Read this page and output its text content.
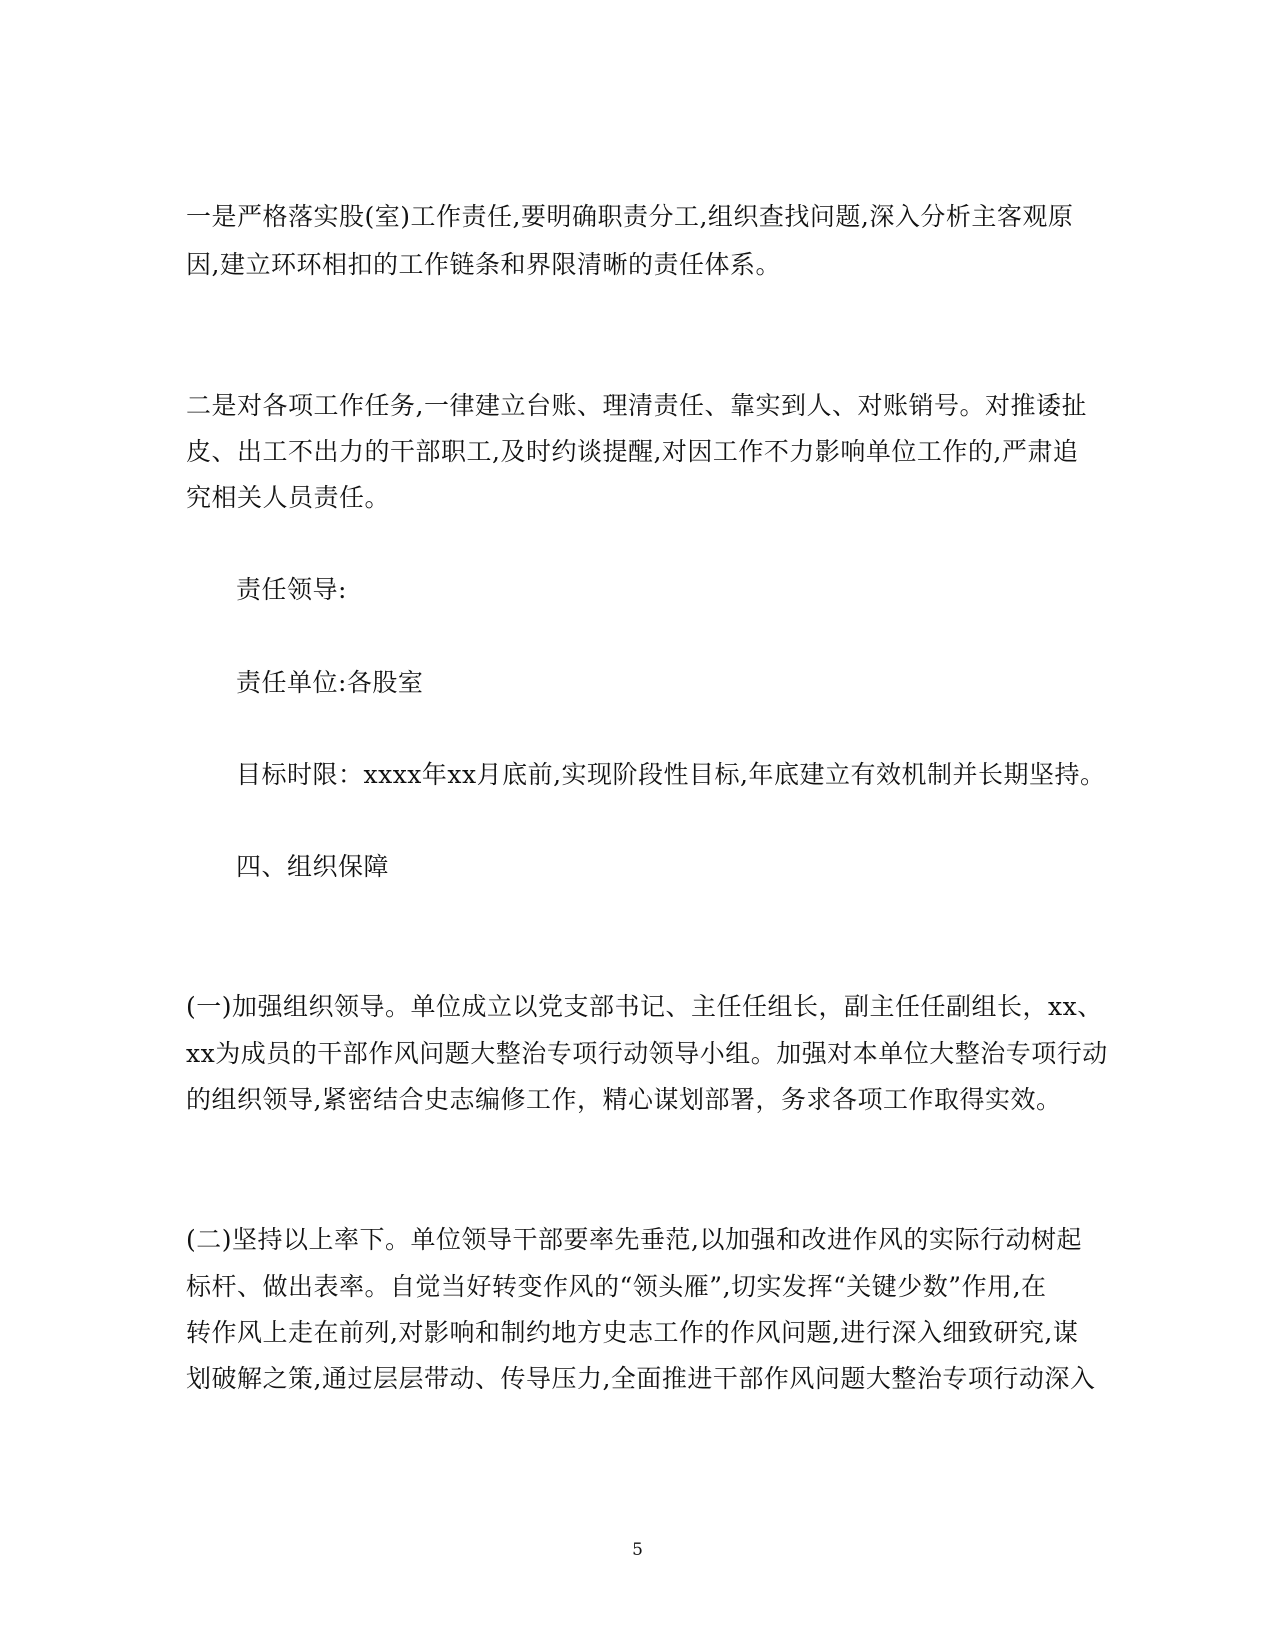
一是严格落实股(室)工作责任,要明确职责分工,组织查找问题,深入分析主客观原
因,建立环环相扣的工作链条和界限清晰的责任体系。
二是对各项工作任务,一律建立台账、理清责任、靠实到人、对账销号。对推诿扯
皮、出工不出力的干部职工,及时约谈提醒,对因工作不力影响单位工作的,严肃追
究相关人员责任。
责任领导:
责任单位:各股室
目标时限：xxxx年xx月底前,实现阶段性目标,年底建立有效机制并长期坚持。
四、组织保障
(一)加强组织领导。单位成立以党支部书记、主任任组长，副主任任副组长，xx、
xx为成员的干部作风问题大整治专项行动领导小组。加强对本单位大整治专项行动
的组织领导,紧密结合史志编修工作，精心谋划部署，务求各项工作取得实效。
(二)坚持以上率下。单位领导干部要率先垂范,以加强和改进作风的实际行动树起
标杆、做出表率。自觉当好转变作风的“领头雁”,切实发挥“关键少数”作用,在
转作风上走在前列,对影响和制约地方史志工作的作风问题,进行深入细致研究,谋
划破解之策,通过层层带动、传导压力,全面推进干部作风问题大整治专项行动深入
5
